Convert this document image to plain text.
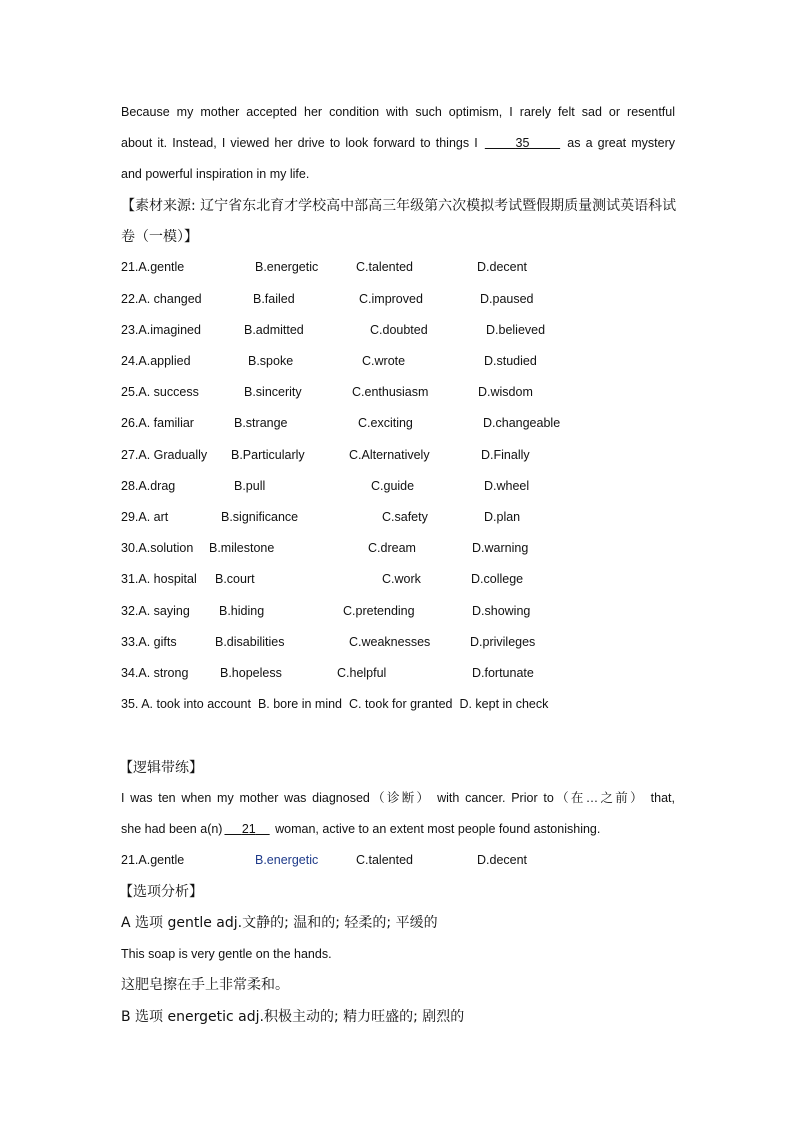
Because my mother accepted her condition with such optimism, I rarely felt sad or resentful
about it. Instead, I viewed her drive to look forward to things I	35	as a great mystery
and powerful inspiration in my life.
【素材来源: 辽宁省东北育才学校高中部高三年级第六次模拟考试暨假期质量测试英语科试
卷（一模）】
21.A.gentle	B.energetic	C.talented	D.decent
22.A. changed	B.failed	C.improved	D.paused
23.A.imagined	B.admitted	C.doubted	D.believed
24.A.applied	B.spoke	C.wrote	D.studied
25.A. success	B.sincerity	C.enthusiasm	D.wisdom
26.A. familiar	B.strange	C.exciting	D.changeable
27.A. Gradually B.Particularly	C.Alternatively	D.Finally
28.A.drag	B.pull	C.guide	D.wheel
29.A. art	B.significance	C.safety	D.plan
30.A.solution B.milestone	C.dream	D.warning
31.A. hospital B.court	C.work	D.college
32.A. saying B.hiding	C.pretending	D.showing
33.A. gifts	B.disabilities	C.weaknesses	D.privileges
34.A. strong	B.hopeless	C.helpful	D.fortunate
35. A. took into account B. bore in mind C. took for granted D. kept in check
【逻辑带练】
I was ten when my mother was diagnosed（诊断） with cancer. Prior to（在…之前） that,
she had been a(n) 21 woman, active to an extent most people found astonishing.
21.A.gentle	B.energetic	C.talented	D.decent
【选项分析】
A 选项 gentle adj.文静的; 温和的; 轻柔的; 平缓的
This soap is very gentle on the hands.
这肥皂擦在手上非常柔和。
B 选项 energetic adj.积极主动的; 精力旺盛的; 剧烈的
